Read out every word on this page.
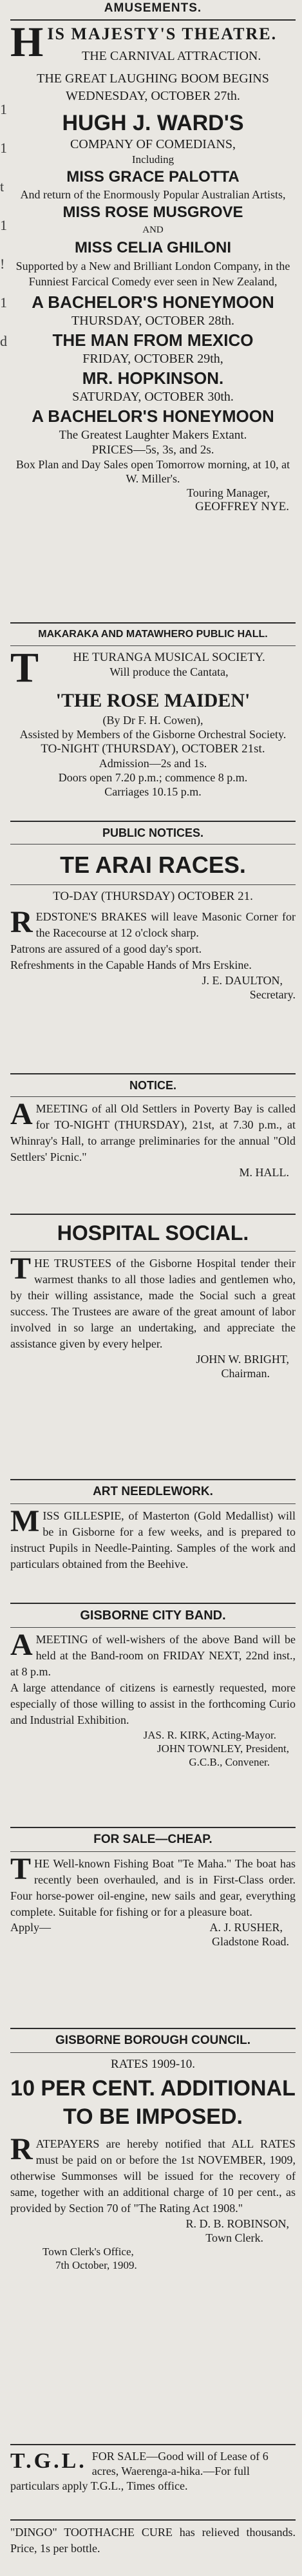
1
1
t
1
!
1
d
AMUSEMENTS.
H IS MAJESTY'S THEATRE.
THE CARNIVAL ATTRACTION.
THE GREAT LAUGHING BOOM BEGINS
WEDNESDAY, OCTOBER 27th.
HUGH J. WARD'S
COMPANY OF COMEDIANS,
Including
MISS GRACE PALOTTA
And return of the Enormously Popular Australian Artists,
MISS ROSE MUSGROVE
AND
MISS CELIA GHILONI
Supported by a New and Brilliant London Company, in the Funniest Farcical Comedy ever seen in New Zealand,
A BACHELOR'S HONEYMOON
THURSDAY, OCTOBER 28th.
THE MAN FROM MEXICO
FRIDAY, OCTOBER 29th,
MR. HOPKINSON.
SATURDAY, OCTOBER 30th.
A BACHELOR'S HONEYMOON
The Greatest Laughter Makers Extant.
PRICES—5s, 3s, and 2s.
Box Plan and Day Sales open Tomorrow morning, at 10, at W. Miller's.
Touring Manager,
GEOFFREY NYE.
MAKARAKA AND MATAWHERO PUBLIC HALL.
T	HE TURANGA MUSICAL SOCIETY.
Will produce the Cantata,
'THE ROSE MAIDEN'
(By Dr F. H. Cowen),
Assisted by Members of the Gisborne Orchestral Society.
TO-NIGHT (THURSDAY), OCTOBER 21st.
Admission—2s and 1s.
Doors open 7.20 p.m.; commence 8 p.m.
Carriages 10.15 p.m.
PUBLIC NOTICES.
TE ARAI RACES.
TO-DAY (THURSDAY) OCTOBER 21.
R EDSTONE'S BRAKES will leave Masonic Corner for the Racecourse at 12 o'clock sharp.
Patrons are assured of a good day's sport.
Refreshments in the Capable Hands of Mrs Erskine.
J. E. DAULTON,
Secretary.
NOTICE.
A MEETING of all Old Settlers in Poverty Bay is called for TO-NIGHT (THURSDAY), 21st, at 7.30 p.m., at Whinray's Hall, to arrange preliminaries for the annual "Old Settlers' Picnic."
M. HALL.
HOSPITAL SOCIAL.
T HE TRUSTEES of the Gisborne Hospital tender their warmest thanks to all those ladies and gentlemen who, by their willing assistance, made the Social such a great success. The Trustees are aware of the great amount of labor involved in so large an undertaking, and appreciate the assistance given by every helper.
JOHN W. BRIGHT,
Chairman.
ART NEEDLEWORK.
M ISS GILLESPIE, of Masterton (Gold Medallist) will be in Gisborne for a few weeks, and is prepared to instruct Pupils in Needle-Painting. Samples of the work and particulars obtained from the Beehive.
GISBORNE CITY BAND.
A MEETING of well-wishers of the above Band will be held at the Band-room on FRIDAY NEXT, 22nd inst., at 8 p.m.
A large attendance of citizens is earnestly requested, more especially of those willing to assist in the forthcoming Curio and Industrial Exhibition.
JAS. R. KIRK, Acting-Mayor.
JOHN TOWNLEY, President,
G.C.B., Convener.
FOR SALE—CHEAP.
T HE Well-known Fishing Boat "Te Maha." The boat has recently been overhauled, and is in First-Class order. Four horse-power oil-engine, new sails and gear, everything complete. Suitable for fishing or for a pleasure boat.
Apply—	A. J. RUSHER,
Gladstone Road.
GISBORNE BOROUGH COUNCIL.
RATES 1909-10.
10 PER CENT. ADDITIONAL
TO BE IMPOSED.
R ATEPAYERS are hereby notified that ALL RATES must be paid on or before the 1st NOVEMBER, 1909, otherwise Summonses will be issued for the recovery of same, together with an additional charge of 10 per cent., as provided by Section 70 of "The Rating Act 1908."
R. D. B. ROBINSON,
Town Clerk.
Town Clerk's Office,
7th October, 1909.
T.G.L. FOR SALE—Good will of Lease of 6 acres, Waerenga-a-hika.—For full particulars apply T.G.L., Times office.
"DINGO" TOOTHACHE CURE has relieved thousands. Price, 1s per bottle.
